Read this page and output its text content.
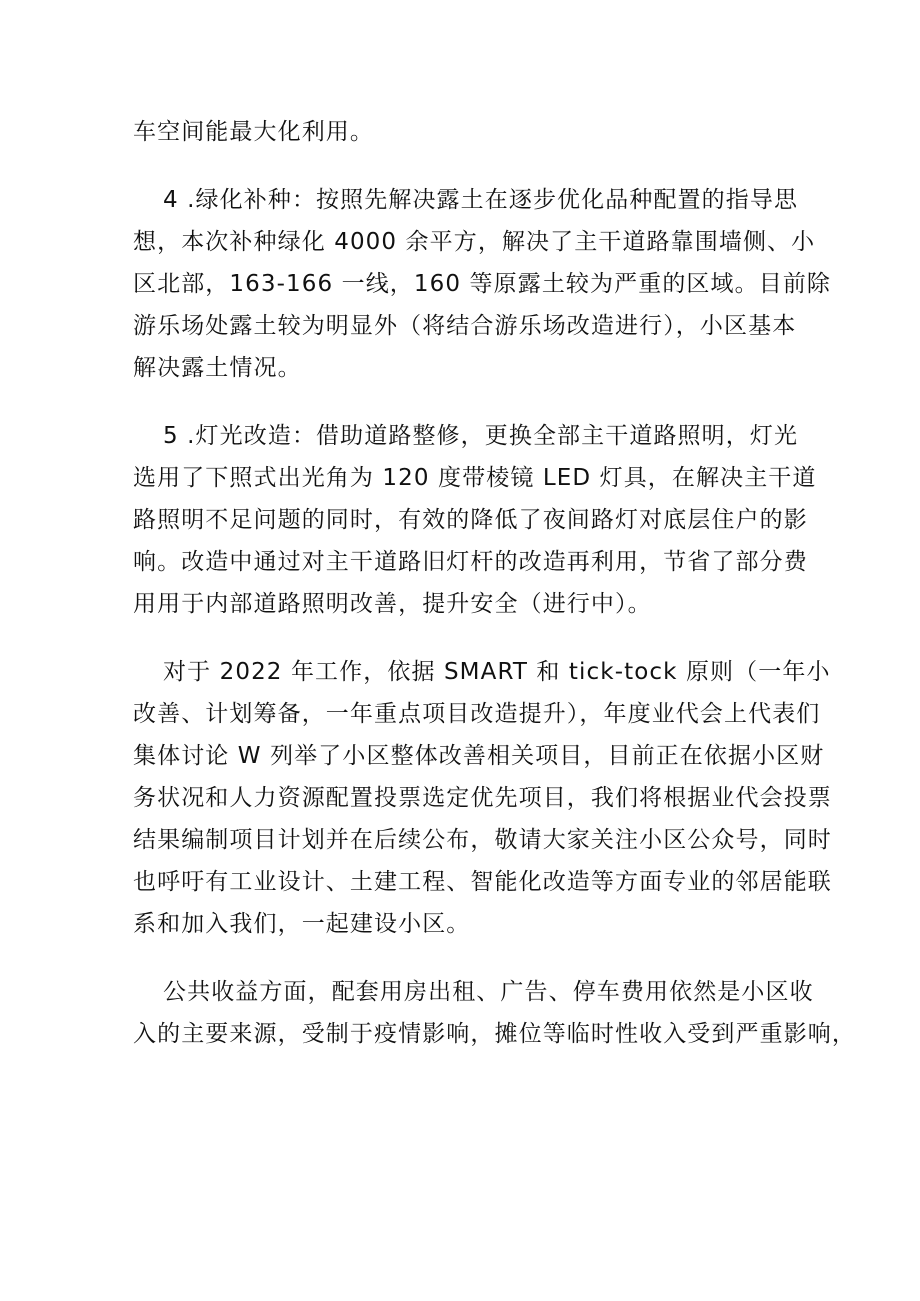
车空间能最大化利用。

4 .绿化补种：按照先解决露土在逐步优化品种配置的指导思
想，本次补种绿化 4000 余平方，解决了主干道路靠围墙侧、小
区北部，163-166 一线，160 等原露土较为严重的区域。目前除
游乐场处露土较为明显外（将结合游乐场改造进行），小区基本
解决露土情况。

5 .灯光改造：借助道路整修，更换全部主干道路照明，灯光
选用了下照式出光角为 120 度带棱镜 LED 灯具，在解决主干道
路照明不足问题的同时，有效的降低了夜间路灯对底层住户的影
响。改造中通过对主干道路旧灯杆的改造再利用，节省了部分费
用用于内部道路照明改善，提升安全（进行中）。

对于 2022 年工作，依据 SMART 和 tick-tock 原则（一年小
改善、计划筹备，一年重点项目改造提升），年度业代会上代表们
集体讨论 W 列举了小区整体改善相关项目，目前正在依据小区财
务状况和人力资源配置投票选定优先项目，我们将根据业代会投票
结果编制项目计划并在后续公布，敬请大家关注小区公众号，同时
也呼吁有工业设计、土建工程、智能化改造等方面专业的邻居能联
系和加入我们，一起建设小区。

公共收益方面，配套用房出租、广告、停车费用依然是小区收
入的主要来源，受制于疫情影响，摊位等临时性收入受到严重影响，
